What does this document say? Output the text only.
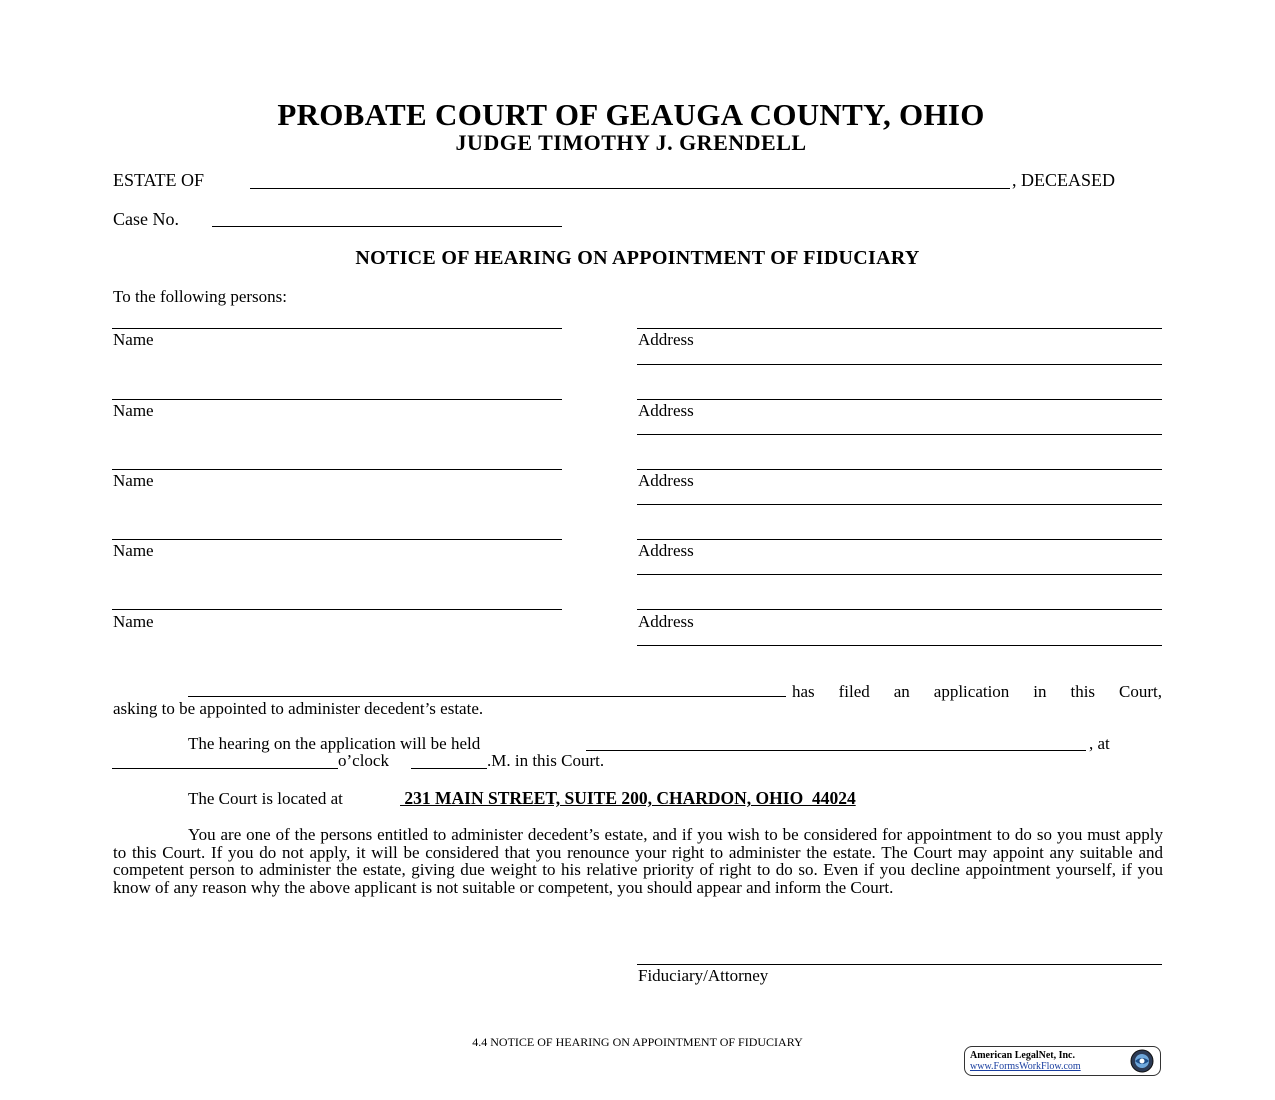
PROBATE COURT OF GEAUGA COUNTY, OHIO
JUDGE TIMOTHY J. GRENDELL
ESTATE OF	, DECEASED
Case No.
NOTICE OF HEARING ON APPOINTMENT OF FIDUCIARY
To the following persons:
Name	Address
Name	Address
Name	Address
Name	Address
Name	Address
has filed an application in this Court,
asking to be appointed to administer decedent’s estate.
The hearing on the application will be held	, at
o’clock	.M. in this Court.
The Court is located at	231 MAIN STREET, SUITE 200, CHARDON, OHIO  44024
You are one of the persons entitled to administer decedent’s estate, and if you wish to be considered for appointment to do so you must apply to this Court. If you do not apply, it will be considered that you renounce your right to administer the estate. The Court may appoint any suitable and competent person to administer the estate, giving due weight to his relative priority of right to do so. Even if you decline appointment yourself, if you know of any reason why the above applicant is not suitable or competent, you should appear and inform the Court.
Fiduciary/Attorney
4.4 NOTICE OF HEARING ON APPOINTMENT OF FIDUCIARY
American LegalNet, Inc.
www.FormsWorkFlow.com
